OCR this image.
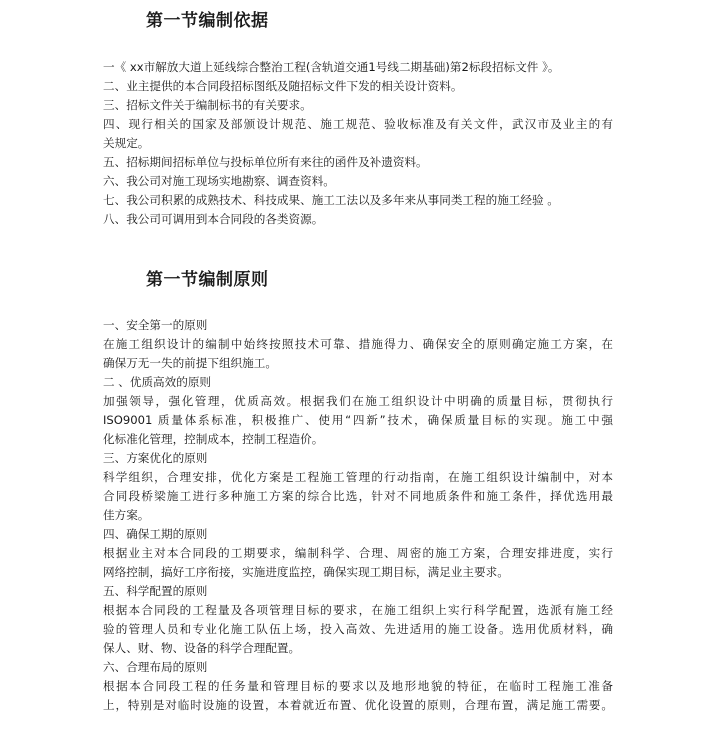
第一节编制依据
一《 xx市解放大道上延线综合整治工程(含轨道交通1号线二期基础)第2标段招标文件 》。
二、业主提供的本合同段招标图纸及随招标文件下发的相关设计资料。
三、招标文件关于编制标书的有关要求。
四、现行相关的国家及部颁设计规范、施工规范、验收标准及有关文件，武汉市及业主的有
关规定。
五、招标期间招标单位与投标单位所有来往的函件及补遗资料。
六、我公司对施工现场实地勘察、调查资料。
七、我公司积累的成熟技术、科技成果、施工工法以及多年来从事同类工程的施工经验 。
八、我公司可调用到本合同段的各类资源。
第一节编制原则
一、安全第一的原则
在施工组织设计的编制中始终按照技术可靠、措施得力、确保安全的原则确定施工方案，在
确保万无一失的前提下组织施工。
二 、优质高效的原则
加强领导，强化管理，优质高效。根据我们在施工组织设计中明确的质量目标，贯彻执行
ISO9001 质量体系标准，积极推广、使用“四新”技术，确保质量目标的实现。施工中强
化标准化管理，控制成本，控制工程造价。
三、方案优化的原则
科学组织，合理安排，优化方案是工程施工管理的行动指南，在施工组织设计编制中，对本
合同段桥梁施工进行多种施工方案的综合比选，针对不同地质条件和施工条件，择优选用最
佳方案。
四、确保工期的原则
根据业主对本合同段的工期要求，编制科学、合理、周密的施工方案，合理安排进度，实行
网络控制，搞好工序衔接，实施进度监控，确保实现工期目标，满足业主要求。
五、科学配置的原则
根据本合同段的工程量及各项管理目标的要求，在施工组织上实行科学配置，选派有施工经
验的管理人员和专业化施工队伍上场，投入高效、先进适用的施工设备。选用优质材料，确
保人、财、物、设备的科学合理配置。
六、合理布局的原则
根据本合同段工程的任务量和管理目标的要求以及地形地貌的特征，在临时工程施工准备
上，特别是对临时设施的设置，本着就近布置、优化设置的原则，合理布置，满足施工需要。
